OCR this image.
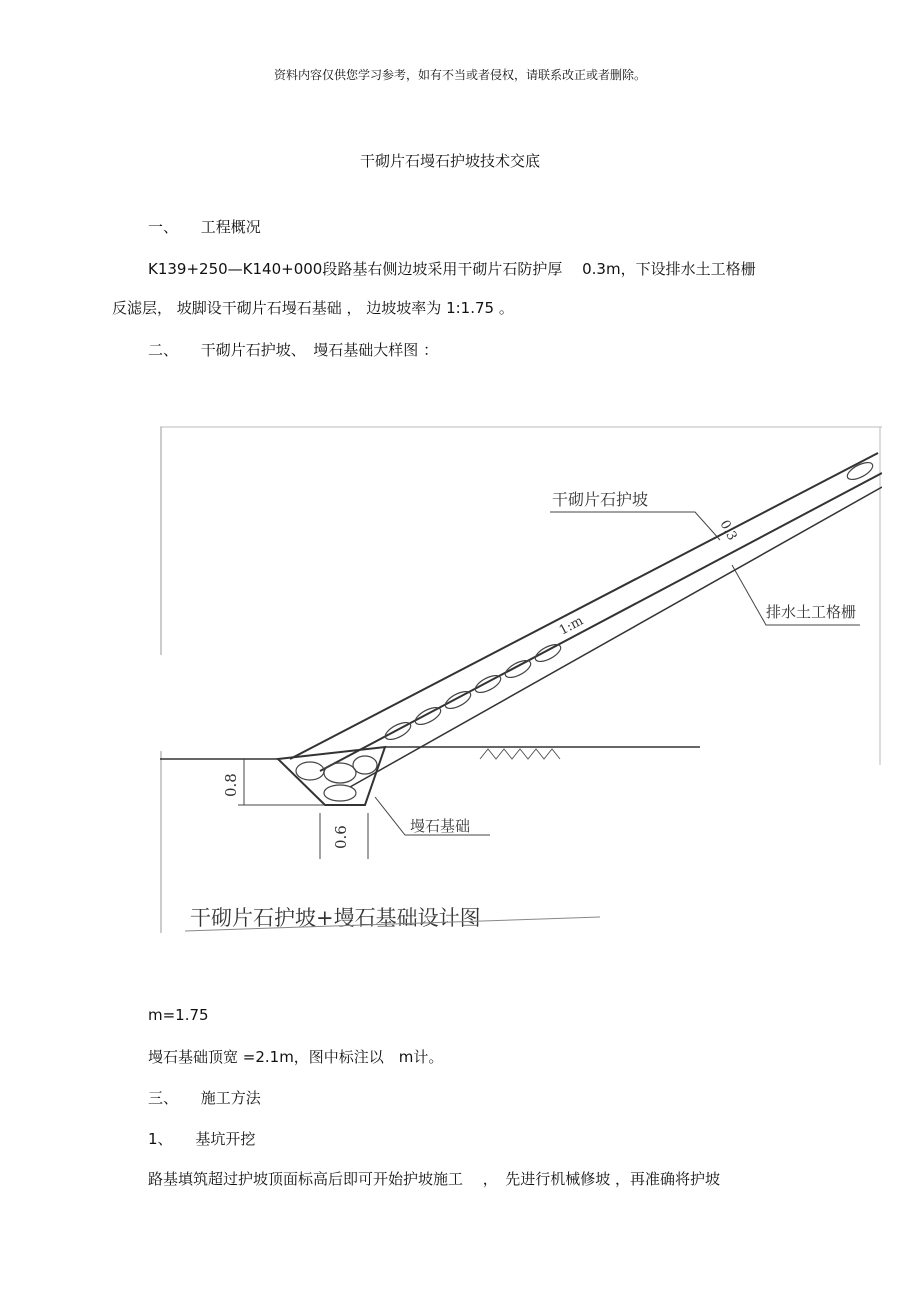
资料内容仅供您学习参考，如有不当或者侵权，请联系改正或者删除。
干砌片石墁石护坡技术交底
一、 工程概况
K139+250—K140+000段路基右侧边坡采用干砌片石防护厚　 0.3m，下设排水土工格栅
反滤层， 坡脚设干砌片石墁石基础 ， 边坡坡率为 1:1.75 。
二、 干砌片石护坡、　墁石基础大样图 ：
0.8
0.6
干砌片石护坡
0.3
1:m
排水土工格栅
墁石基础
干砌片石护坡+墁石基础设计图
m=1.75
墁石基础顶宽 =2.1m，图中标注以　m计。
三、 施工方法
1、 基坑开挖
路基填筑超过护坡顶面标高后即可开始护坡施工　 ，　先进行机械修坡 ，再准确将护坡
